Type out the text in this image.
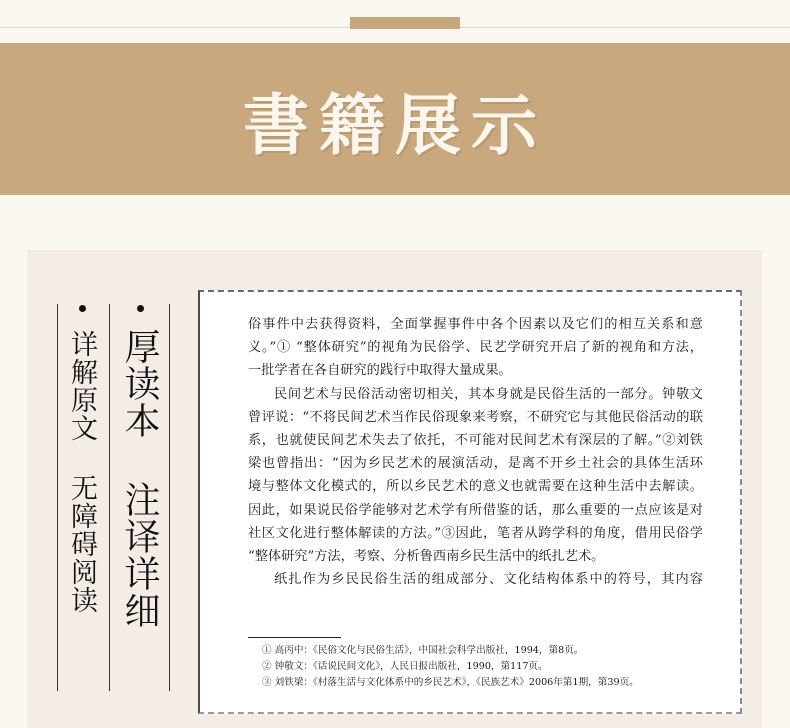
書籍展示
详解原文 无障碍阅读 厚读本 注译详细

俗事件中去获得资料，全面掌握事件中各个因素以及它们的相互关系和意

义。”① “整体研究”的视角为民俗学、民艺学研究开启了新的视角和方法，

一批学者在各自研究的践行中取得大量成果。

民间艺术与民俗活动密切相关，其本身就是民俗生活的一部分。钟敬文

曾评说：“不将民间艺术当作民俗现象来考察，不研究它与其他民俗活动的联

系，也就使民间艺术失去了依托，不可能对民间艺术有深层的了解。”②刘铁

梁也曾指出：“因为乡民艺术的展演活动，是离不开乡土社会的具体生活环

境与整体文化模式的，所以乡民艺术的意义也就需要在这种生活中去解读。

因此，如果说民俗学能够对艺术学有所借鉴的话，那么重要的一点应该是对

社区文化进行整体解读的方法。”③因此，笔者从跨学科的角度，借用民俗学

“整体研究”方法，考察、分析鲁西南乡民生活中的纸扎艺术。

纸扎作为乡民民俗生活的组成部分、文化结构体系中的符号，其内容

① 高丙中：《民俗文化与民俗生活》，中国社会科学出版社，1994，第8页。
② 钟敬文：《话说民间文化》，人民日报出版社，1990，第117页。
③ 刘铁梁：《村落生活与文化体系中的乡民艺术》，《民族艺术》2006年第1期，第39页。
